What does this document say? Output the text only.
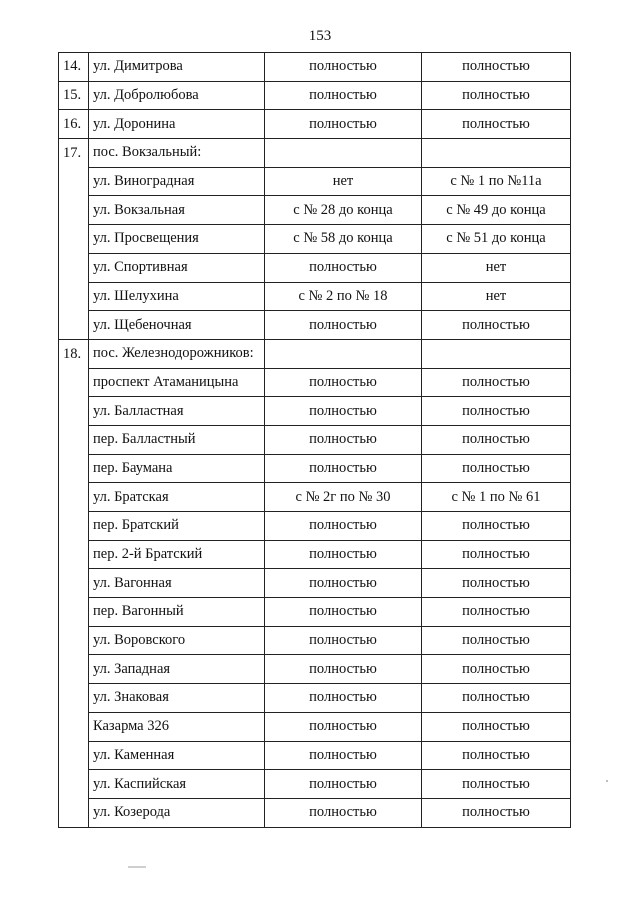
153
14.	ул. Димитрова	полностью	полностью
15.	ул. Добролюбова	полностью	полностью
16.	ул. Доронина	полностью	полностью
17.	пос. Вокзальный:		
	ул. Виноградная	нет	с № 1 по №11а
	ул. Вокзальная	с № 28 до конца	с № 49 до конца
	ул. Просвещения	с № 58 до конца	с № 51 до конца
	ул. Спортивная	полностью	нет
	ул. Шелухина	с № 2 по № 18	нет
	ул. Щебеночная	полностью	полностью
18.	пос. Железнодорожников:		
	проспект Атаманицына	полностью	полностью
	ул. Балластная	полностью	полностью
	пер. Балластный	полностью	полностью
	пер. Баумана	полностью	полностью
	ул. Братская	с № 2г по № 30	с № 1 по № 61
	пер. Братский	полностью	полностью
	пер. 2-й Братский	полностью	полностью
	ул. Вагонная	полностью	полностью
	пер. Вагонный	полностью	полностью
	ул. Воровского	полностью	полностью
	ул. Западная	полностью	полностью
	ул. Знаковая	полностью	полностью
	Казарма 326	полностью	полностью
	ул. Каменная	полностью	полностью
	ул. Каспийская	полностью	полностью
	ул. Козерода	полностью	полностью
